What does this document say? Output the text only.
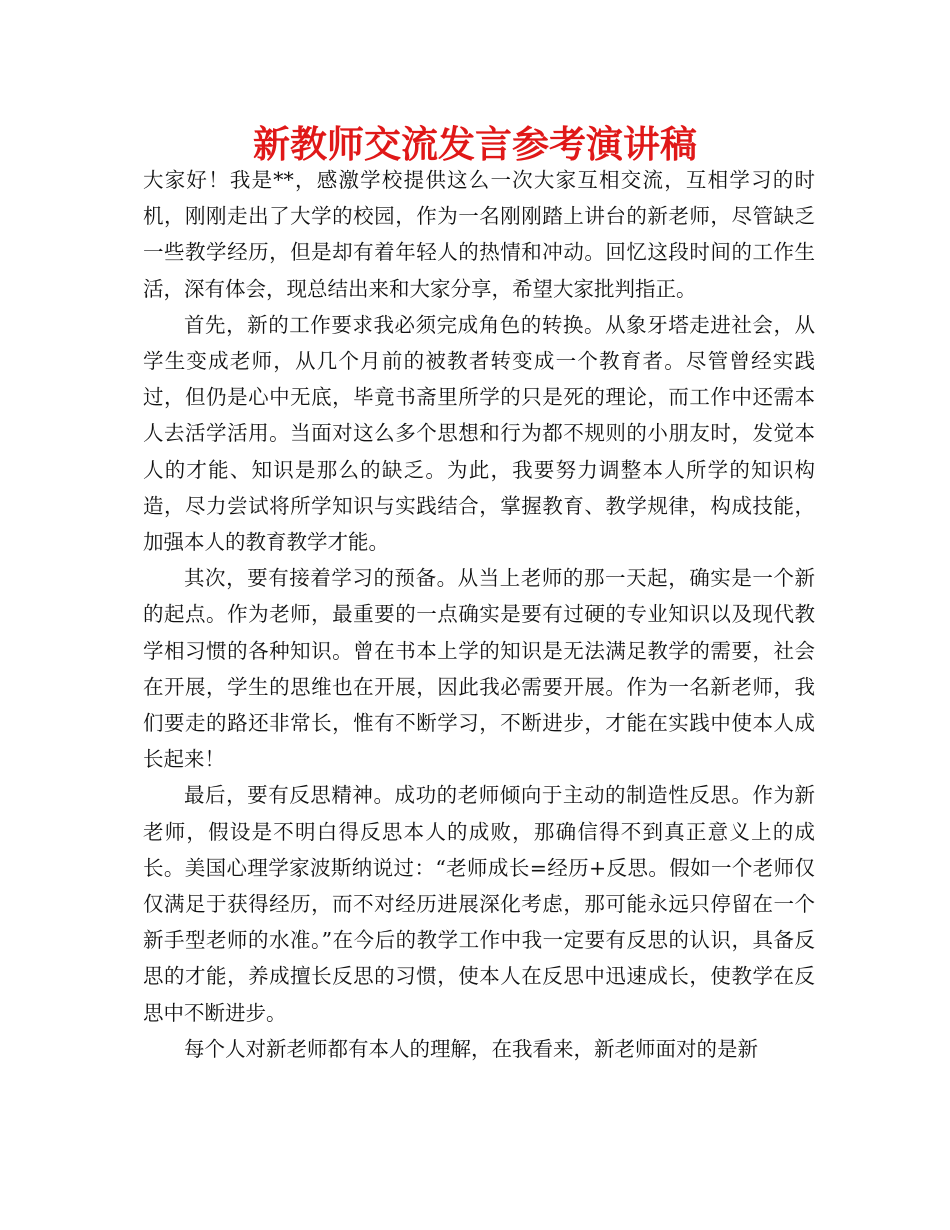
新教师交流发言参考演讲稿

大家好！我是**，感激学校提供这么一次大家互相交流，互相学习的时机，刚刚走出了大学的校园，作为一名刚刚踏上讲台的新老师，尽管缺乏一些教学经历，但是却有着年轻人的热情和冲动。回忆这段时间的工作生活，深有体会，现总结出来和大家分享，希望大家批判指正。

首先，新的工作要求我必须完成角色的转换。从象牙塔走进社会，从学生变成老师，从几个月前的被教者转变成一个教育者。尽管曾经实践过，但仍是心中无底，毕竟书斋里所学的只是死的理论，而工作中还需本人去活学活用。当面对这么多个思想和行为都不规则的小朋友时，发觉本人的才能、知识是那么的缺乏。为此，我要努力调整本人所学的知识构造，尽力尝试将所学知识与实践结合，掌握教育、教学规律，构成技能，加强本人的教育教学才能。

其次，要有接着学习的预备。从当上老师的那一天起，确实是一个新的起点。作为老师，最重要的一点确实是要有过硬的专业知识以及现代教学相习惯的各种知识。曾在书本上学的知识是无法满足教学的需要，社会在开展，学生的思维也在开展，因此我必需要开展。作为一名新老师，我们要走的路还非常长，惟有不断学习，不断进步，才能在实践中使本人成长起来！

最后，要有反思精神。成功的老师倾向于主动的制造性反思。作为新老师，假设是不明白得反思本人的成败，那确信得不到真正意义上的成长。美国心理学家波斯纳说过：“老师成长=经历+反思。假如一个老师仅仅满足于获得经历，而不对经历进展深化考虑，那可能永远只停留在一个新手型老师的水准。”在今后的教学工作中我一定要有反思的认识，具备反思的才能，养成擅长反思的习惯，使本人在反思中迅速成长，使教学在反思中不断进步。

每个人对新老师都有本人的理解，在我看来，新老师面对的是新
